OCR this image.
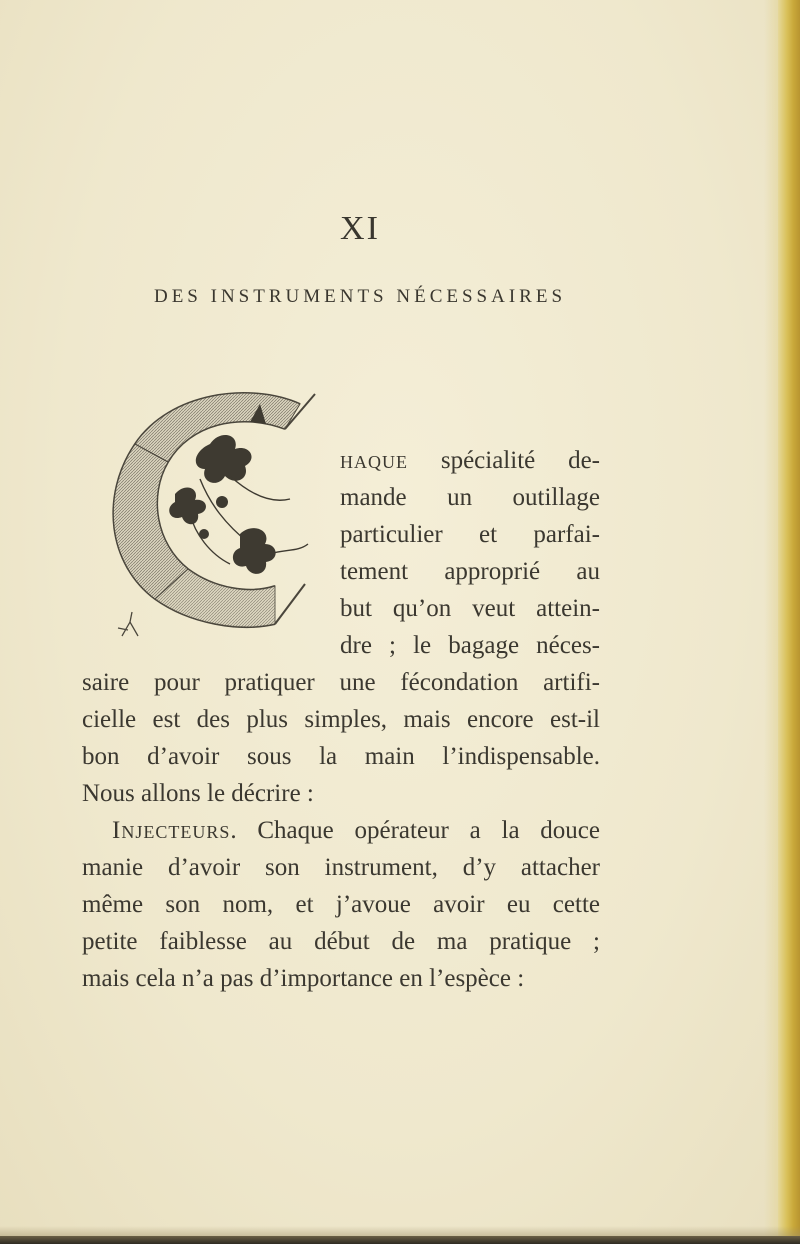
XI
DES INSTRUMENTS NÉCESSAIRES
haque spécialité de-
mande un outillage
particulier et parfai-
tement approprié au
but qu’on veut attein-
dre ; le bagage néces-
saire pour pratiquer une fécondation artifi-
cielle est des plus simples, mais encore est-il
bon d’avoir sous la main l’indispensable.
Nous allons le décrire :
Injecteurs. Chaque opérateur a la douce
manie d’avoir son instrument, d’y attacher
même son nom, et j’avoue avoir eu cette
petite faiblesse au début de ma pratique ;
mais cela n’a pas d’importance en l’espèce :
